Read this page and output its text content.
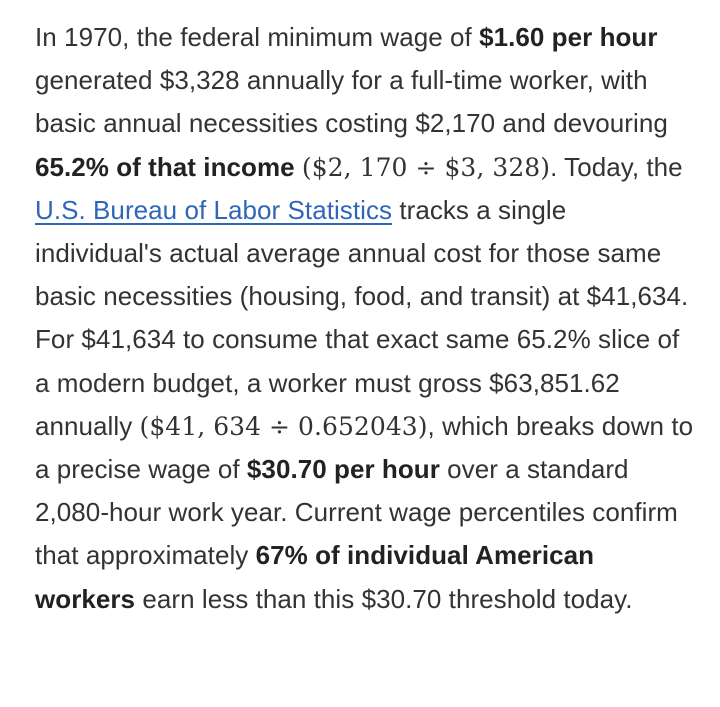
In 1970, the federal minimum wage of $1.60 per hour generated $3,328 annually for a full-time worker, with basic annual necessities costing $2,170 and devouring 65.2% of that income ($2, 170 ÷ $3, 328). Today, the U.S. Bureau of Labor Statistics tracks a single individual's actual average annual cost for those same basic necessities (housing, food, and transit) at $41,634. For $41,634 to consume that exact same 65.2% slice of a modern budget, a worker must gross $63,851.62 annually ($41, 634 ÷ 0.652043), which breaks down to a precise wage of $30.70 per hour over a standard 2,080-hour work year. Current wage percentiles confirm that approximately 67% of individual American workers earn less than this $30.70 threshold today.
